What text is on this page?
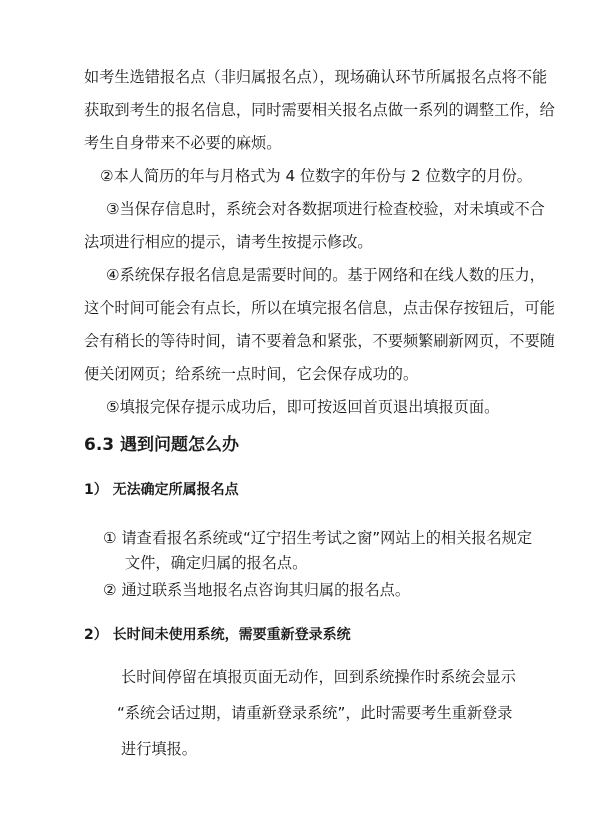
如考生选错报名点（非归属报名点），现场确认环节所属报名点将不能

获取到考生的报名信息，同时需要相关报名点做一系列的调整工作，给

考生自身带来不必要的麻烦。

②本人简历的年与月格式为 4 位数字的年份与 2 位数字的月份。

③当保存信息时，系统会对各数据项进行检查校验，对未填或不合

法项进行相应的提示，请考生按提示修改。

④系统保存报名信息是需要时间的。基于网络和在线人数的压力，

这个时间可能会有点长，所以在填完报名信息，点击保存按钮后，可能

会有稍长的等待时间，请不要着急和紧张，不要频繁刷新网页，不要随

便关闭网页；给系统一点时间，它会保存成功的。

⑤填报完保存提示成功后，即可按返回首页退出填报页面。

6.3 遇到问题怎么办
1） 无法确定所属报名点

① 请查看报名系统或“辽宁招生考试之窗”网站上的相关报名规定

文件，确定归属的报名点。

② 通过联系当地报名点咨询其归属的报名点。

2） 长时间未使用系统，需要重新登录系统

长时间停留在填报页面无动作，回到系统操作时系统会显示

“系统会话过期，请重新登录系统”，此时需要考生重新登录

进行填报。
